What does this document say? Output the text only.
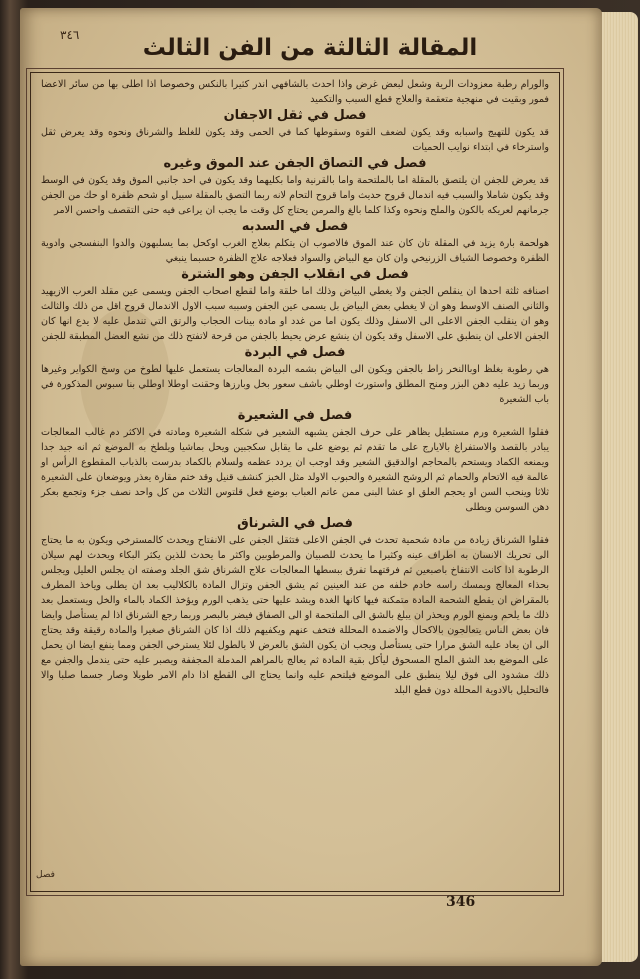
٣٤٦	المقالة الثالثة من الفن الثالث

والورام رطبة معزودات الرية وشعل لبعض غرض واذا احدث بالشافهي اندر كثيرا بالنكس وخصوصا اذا اطلى بها من سائر الاعضا فمور وبقيت في منهجية متعقمة والعلاج قطع السبب والتكميد

فصل في ثقل الاجفان

قد يكون للتهيج واسبابه وقد يكون لضعف القوة وسقوطها كما في الحمى وقد يكون للغلظ والشرناق ونحوه وقد يعرض ثقل واسترخاء في ابتداء نوايب الحميات

فصل في التصاق الجفن عند الموق وغيره

قد يعرض للجفن ان يلتصق بالمقلة اما بالملتحمة واما بالقرنية واما بكليهما وقد يكون في احد جانبي الموق وقد يكون في الوسط وقد يكون شاملا والسبب فيه اندمال قروح حديث واما قروح التحام لانه ربما التصق بالمقلة سبيل او شحم ظفرة او حك من الجفن جرمانهم لعريكه بالكون والملح ونحوه وكذا كلما بالغ والمرمن يحتاج كل وقت ما يجب ان يراعى فيه حتى التقصف واحسن الامر

فصل في السدبه

هولحمة بارة يزيد في المقلة تان كان عند الموق فالاصوب ان يتكلم بعلاج الغرب اوكحل بما يسلبهون والدوا البنفسجي وادوية الظفرة وخصوصا الشياف الزرنيخي وان كان مع البياض والسواد فعلاجه علاج الظفرة حسبما ينبغي

فصل في انقلاب الجفن وهو الشترة

اصنافه ثلثة احدها ان ينقلص الجفن ولا يغطي البياض وذلك اما خلقة واما لقطع اصحاب الجفن ويسمى عين مقلد العرب الازيهيد والثاني الصنف الاوسط وهو ان لا يغطي بعض البياض بل يسمى عين الجفن وسببه سبب الاول الاندمال قروح اقل من ذلك والثالث وهو ان ينقلب الجفن الاعلى الى الاسفل وذلك يكون اما من غدد او مادة بينات الحجاب والرتق التي تندمل عليه لا يدع انها كان الجفن الاعلى ان ينطبق على الاسفل وقد يكون ان ينشع عرض يحيط بالجفن من قرحة لاتفتح ذلك من نشع العضل المطبقة للجفن

فصل في البردة

هي رطوبة بغلظ اوباالنخر زاط بالجفن ويكون الى البياض بشمه البردة المعالجات يستعمل عليها لطوخ من وسخ الكواير وغيرها وربما زيد عليه دهن البزر ومنح المطلق واستورث اوطلي باشف سعور بخل وبارزها وحقنت اوطلا اوطلي بنا سبوس المذكورة في باب الشعيرة

فصل في الشعيرة

فقلوا الشعيرة ورم مستطيل يظاهر على حرف الجفن يشبهه الشعير في شكله الشعيرة ومادته في الاكثر دم غالب المعالجات يبادر بالقصد والاستفراغ بالايارج على ما تقدم ثم يوضع على ما يقابل سكجبين ويحل بماشيا ويلطخ به الموضع ثم انه جيد جدا ويمنعه الكماد ويستحم بالمحاجم اوالدقيق الشعير وقد اوجب ان يردد عظمه ولسلام بالكماد بدرست بالذباب المقطوع الرأس او عالمة فيه الاتحام والحمام ثم الروشح الشعيرة والحبوب الاولد مثل الخبز كنشف قنيل وقد ختم مقارة يعذر ويوضعان على الشعيرة ثلاثا وينحب السن او يحجم العلق او عشا البنى ممن عاتم العباب بوضع فعل قلتوس الثلاث من كل واحد نصف جزء وتجمع بعكر دهن السوسن ويطلى

فصل في الشرناق

فقلوا الشرناق زيادة من مادة شحمية تحدث في الجفن الاعلى فتثقل الجفن على الانفتاح ويحدث كالمسترخي ويكون به ما يحتاج الى تحريك الانسان به اطراف عينه وكثيرا ما يحدث للصبيان والمرطوبين واكثر ما يحدث للذين يكثر البكاء ويحدث لهم سيلان الرطوبة اذا كانت الانتفاخ باصبعين ثم فرقتهما تفرق ببسطها المعالجات علاج الشرناق شق الجلد وصفته ان يجلس العليل ويجلس بحذاء المعالج ويمسك راسه خادم خلفه من عند العينين ثم يشق الجفن وتزال المادة بالكلاليب بعد ان يطلى وياخذ المطرف بالمقراض ان يقطع الشحمة المادة متمكنة فيها كانها الغدة ويشد عليها حتى يذهب الورم ويؤخذ الكماد بالماء والخل ويستعمل بعد ذلك ما يلحم ويمنع الورم ويحذر ان يبلغ بالشق الى الملتحمة او الى الصفاق فيضر بالبصر وربما رجع الشرناق اذا لم يستأصل وايضا فان بعض الناس يتعالجون بالاكحال والاضمدة المحللة فتخف عنهم ويكفيهم ذلك اذا كان الشرناق صغيرا والمادة رقيقة وقد يحتاج الى ان يعاد عليه الشق مرارا حتى يستأصل ويجب ان يكون الشق بالعرض لا بالطول لئلا يسترخي الجفن ومما ينفع ايضا ان يحمل على الموضع بعد الشق الملح المسحوق ليأكل بقية المادة ثم يعالج بالمراهم المدملة المجففة ويصبر عليه حتى يندمل والجفن مع ذلك مشدود الى فوق ليلا ينطبق على الموضع فيلتحم عليه وانما يحتاج الى القطع اذا دام الامر طويلا وصار جسما صلبا والا فالتحليل بالادوية المحللة دون قطع البلد

فصل
346
